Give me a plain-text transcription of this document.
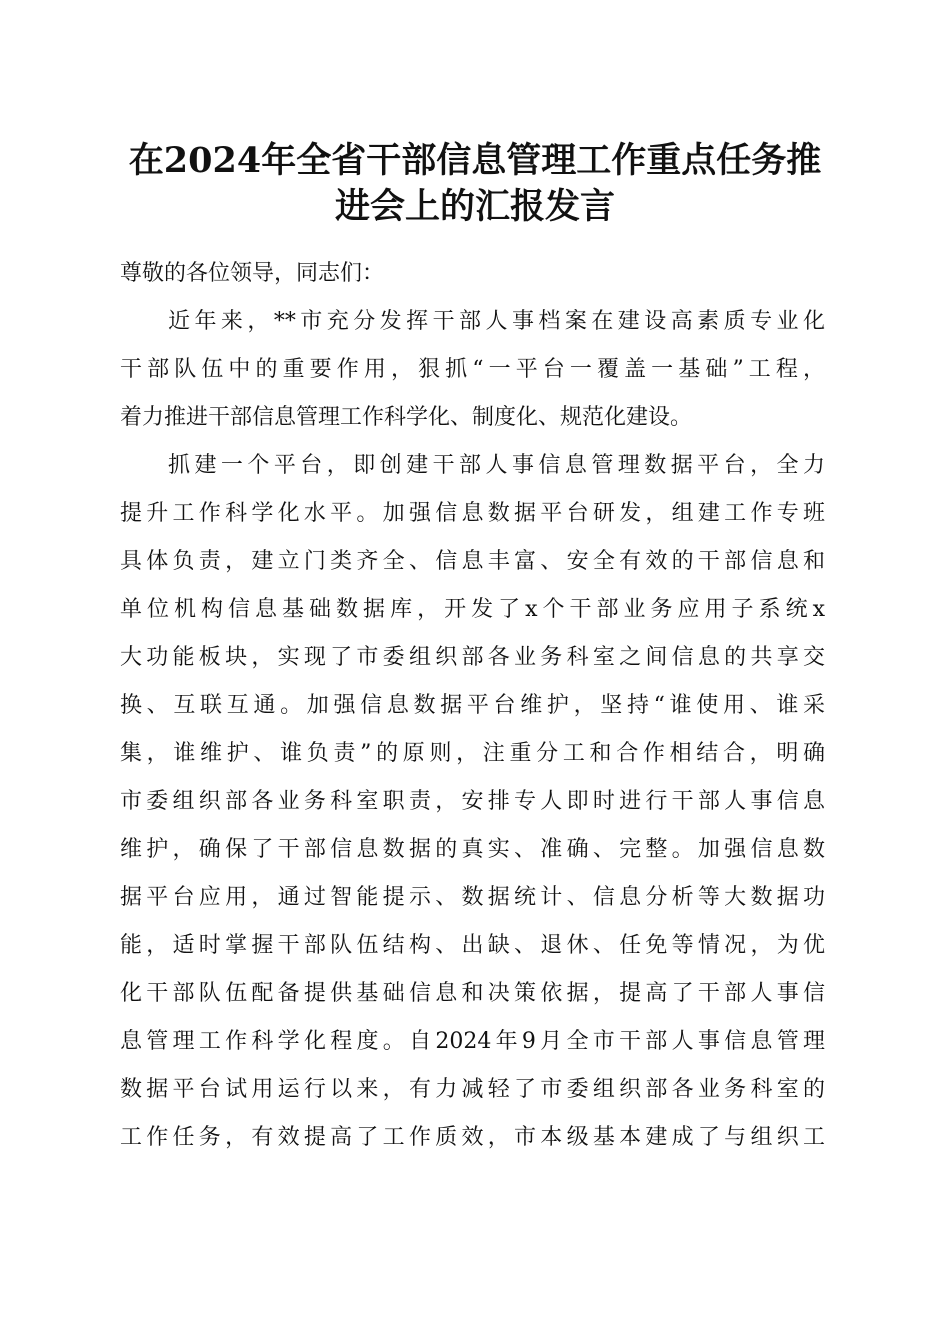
在2024年全省干部信息管理工作重点任务推
进会上的汇报发言
尊敬的各位领导，同志们：
近年来，**市充分发挥干部人事档案在建设高素质专业化
干部队伍中的重要作用，狠抓“一平台一覆盖一基础”工程，
着力推进干部信息管理工作科学化、制度化、规范化建设。
抓建一个平台，即创建干部人事信息管理数据平台，全力
提升工作科学化水平。加强信息数据平台研发，组建工作专班
具体负责，建立门类齐全、信息丰富、安全有效的干部信息和
单位机构信息基础数据库，开发了x个干部业务应用子系统x
大功能板块，实现了市委组织部各业务科室之间信息的共享交
换、互联互通。加强信息数据平台维护，坚持“谁使用、谁采
集，谁维护、谁负责”的原则，注重分工和合作相结合，明确
市委组织部各业务科室职责，安排专人即时进行干部人事信息
维护，确保了干部信息数据的真实、准确、完整。加强信息数
据平台应用，通过智能提示、数据统计、信息分析等大数据功
能，适时掌握干部队伍结构、出缺、退休、任免等情况，为优
化干部队伍配备提供基础信息和决策依据，提高了干部人事信
息管理工作科学化程度。自2024年9月全市干部人事信息管理
数据平台试用运行以来，有力减轻了市委组织部各业务科室的
工作任务，有效提高了工作质效，市本级基本建成了与组织工
